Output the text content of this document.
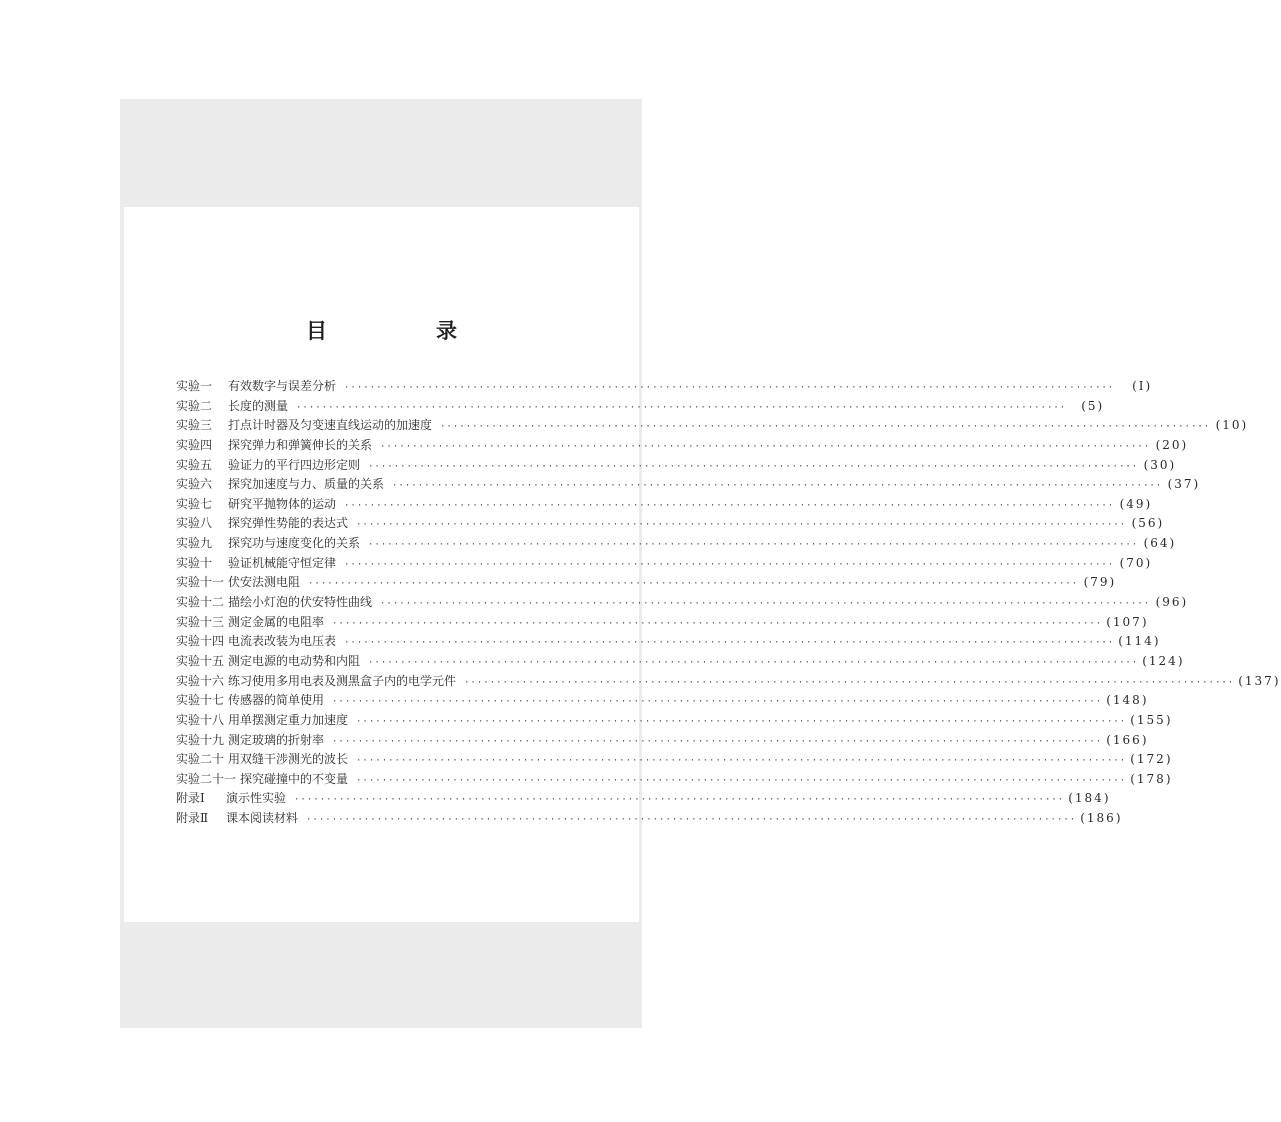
目　录
实验一	有效数字与误差分析 ························································································································	(Ⅰ)
实验二	长度的测量 ························································································································	(5)
实验三	打点计时器及匀变速直线运动的加速度 ························································································································ (10)
实验四	探究弹力和弹簧伸长的关系 ························································································································ (20)
实验五	验证力的平行四边形定则 ························································································································ (30)
实验六	探究加速度与力、质量的关系 ························································································································ (37)
实验七	研究平抛物体的运动 ························································································································ (49)
实验八	探究弹性势能的表达式 ························································································································ (56)
实验九	探究功与速度变化的关系 ························································································································ (64)
实验十	验证机械能守恒定律 ························································································································ (70)
实验十一 伏安法测电阻 ························································································································ (79)
实验十二 描绘小灯泡的伏安特性曲线 ························································································································ (96)
实验十三 测定金属的电阻率 ························································································································ (107)
实验十四 电流表改装为电压表 ························································································································ (114)
实验十五 测定电源的电动势和内阻 ························································································································ (124)
实验十六 练习使用多用电表及测黑盒子内的电学元件 ························································································································ (137)
实验十七 传感器的简单使用 ························································································································ (148)
实验十八 用单摆测定重力加速度 ························································································································ (155)
实验十九 测定玻璃的折射率 ························································································································ (166)
实验二十 用双缝干涉测光的波长 ························································································································ (172)
实验二十一 探究碰撞中的不变量 ························································································································ (178)
附录Ⅰ	演示性实验 ························································································································ (184)
附录Ⅱ	课本阅读材料 ························································································································ (186)
